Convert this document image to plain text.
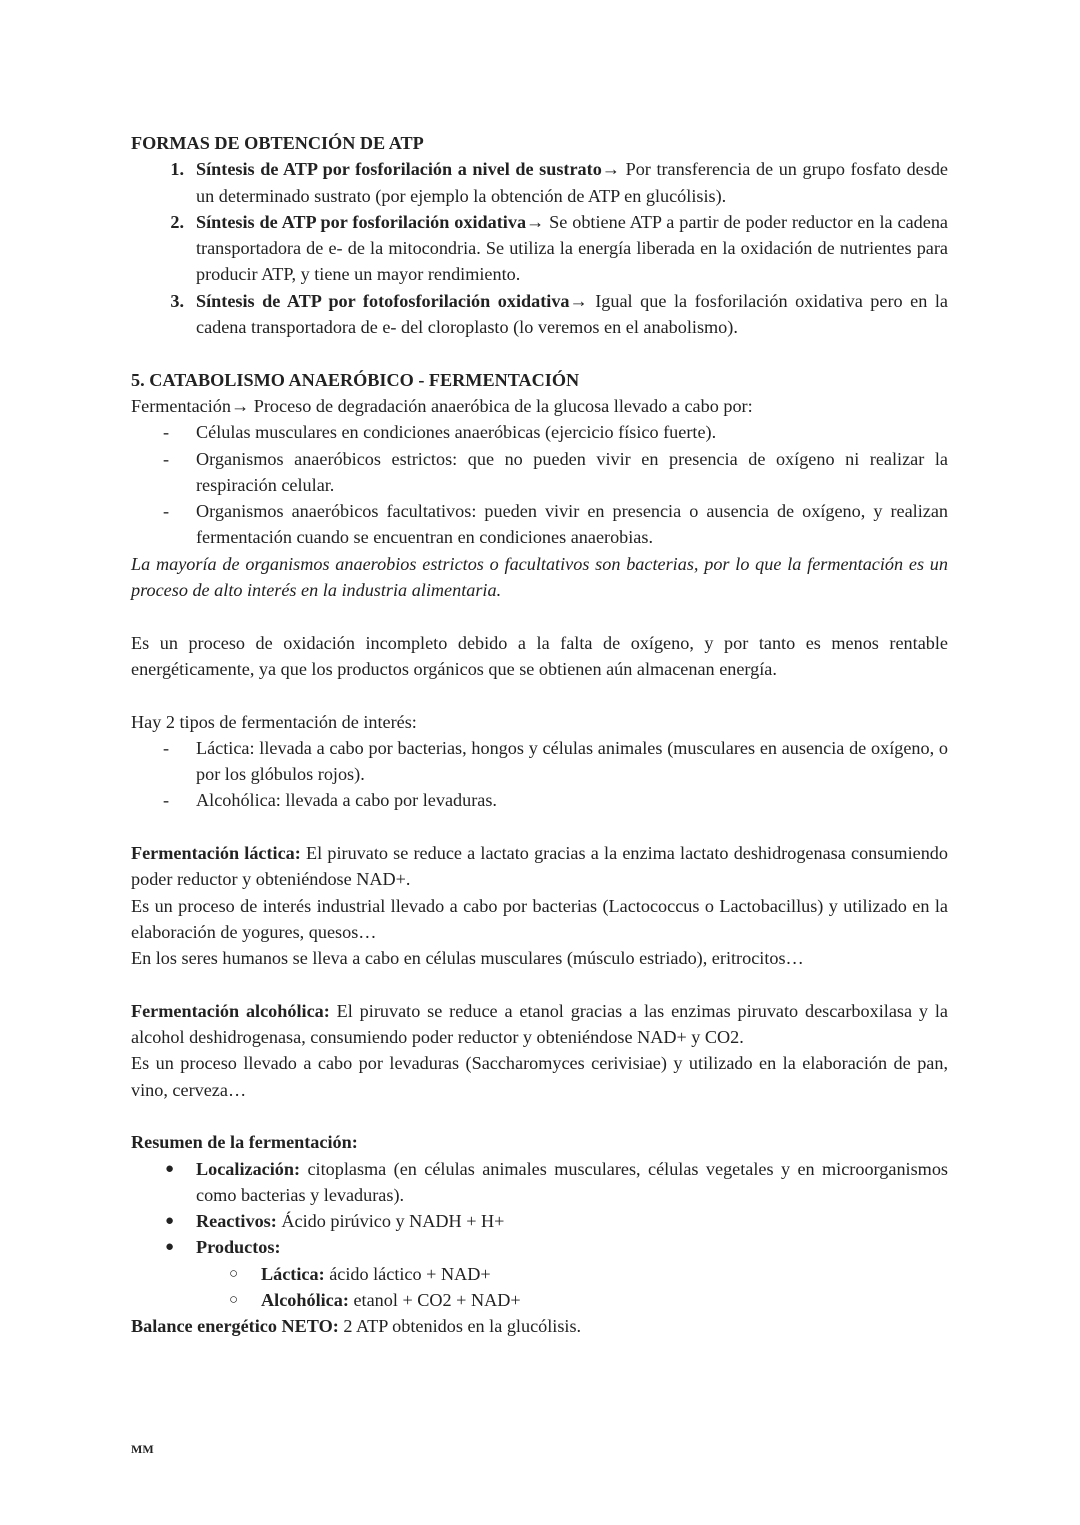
FORMAS DE OBTENCIÓN DE ATP

1. Síntesis de ATP por fosforilación a nivel de sustrato→ Por transferencia de un grupo fosfato desde un determinado sustrato (por ejemplo la obtención de ATP en glucólisis).
2. Síntesis de ATP por fosforilación oxidativa→ Se obtiene ATP a partir de poder reductor en la cadena transportadora de e- de la mitocondria. Se utiliza la energía liberada en la oxidación de nutrientes para producir ATP, y tiene un mayor rendimiento.
3. Síntesis de ATP por fotofosforilación oxidativa→ Igual que la fosforilación oxidativa pero en la cadena transportadora de e- del cloroplasto (lo veremos en el anabolismo).

5. CATABOLISMO ANAERÓBICO - FERMENTACIÓN

Fermentación→ Proceso de degradación anaeróbica de la glucosa llevado a cabo por:

-	Células musculares en condiciones anaeróbicas (ejercicio físico fuerte).
-	Organismos anaeróbicos estrictos: que no pueden vivir en presencia de oxígeno ni realizar la respiración celular.
-	Organismos anaeróbicos facultativos: pueden vivir en presencia o ausencia de oxígeno, y realizan fermentación cuando se encuentran en condiciones anaerobias.

La mayoría de organismos anaerobios estrictos o facultativos son bacterias, por lo que la fermentación es un proceso de alto interés en la industria alimentaria.

Es un proceso de oxidación incompleto debido a la falta de oxígeno, y por tanto es menos rentable energéticamente, ya que los productos orgánicos que se obtienen aún almacenan energía.

Hay 2 tipos de fermentación de interés:

-	Láctica: llevada a cabo por bacterias, hongos y células animales (musculares en ausencia de oxígeno, o por los glóbulos rojos).
-	Alcohólica: llevada a cabo por levaduras.

Fermentación láctica: El piruvato se reduce a lactato gracias a la enzima lactato deshidrogenasa consumiendo poder reductor y obteniéndose NAD+.

Es un proceso de interés industrial llevado a cabo por bacterias (Lactococcus o Lactobacillus) y utilizado en la elaboración de yogures, quesos…

En los seres humanos se lleva a cabo en células musculares (músculo estriado), eritrocitos…

Fermentación alcohólica: El piruvato se reduce a etanol gracias a las enzimas piruvato descarboxilasa y la alcohol deshidrogenasa, consumiendo poder reductor y obteniéndose NAD+ y CO2.

Es un proceso llevado a cabo por levaduras (Saccharomyces cerivisiae) y utilizado en la elaboración de pan, vino, cerveza…

Resumen de la fermentación:

●	Localización: citoplasma (en células animales musculares, células vegetales y en microorganismos como bacterias y levaduras).
●	Reactivos: Ácido pirúvico y NADH + H+
●	Productos:
○	Láctica: ácido láctico + NAD+
○	Alcohólica: etanol + CO2 + NAD+

Balance energético NETO: 2 ATP obtenidos en la glucólisis.

MM
